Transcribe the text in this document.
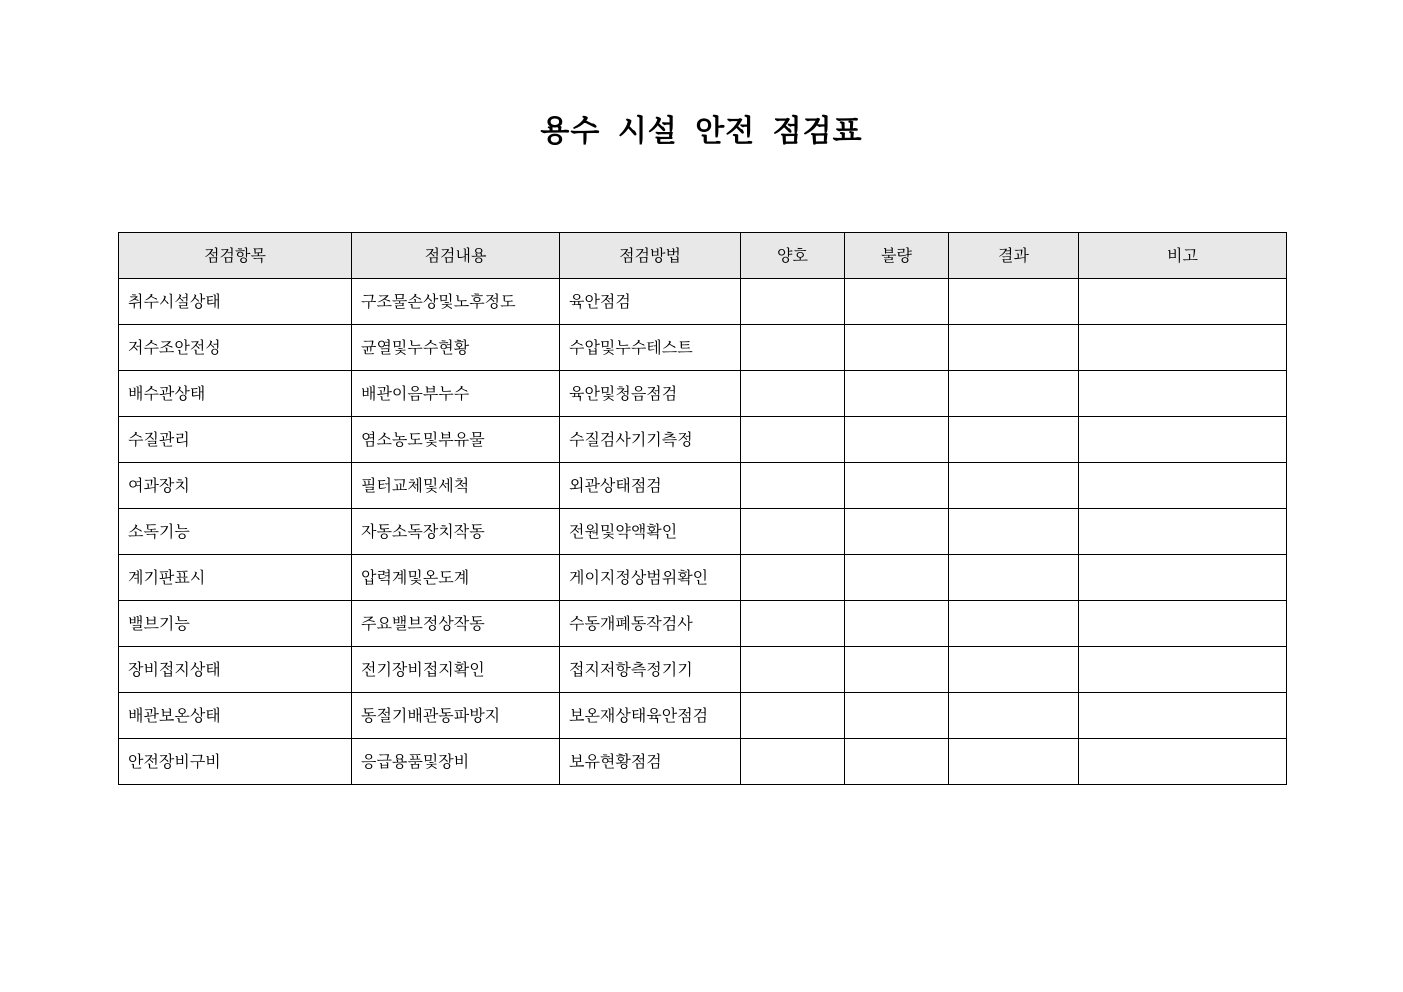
용수 시설 안전 점검표
점검항목	점검내용	점검방법	양호	불량	결과	비고
취수시설상태	구조물손상및노후정도	육안점검				
저수조안전성	균열및누수현황	수압및누수테스트				
배수관상태	배관이음부누수	육안및청음점검				
수질관리	염소농도및부유물	수질검사기기측정				
여과장치	필터교체및세척	외관상태점검				
소독기능	자동소독장치작동	전원및약액확인				
계기판표시	압력계및온도계	게이지정상범위확인				
밸브기능	주요밸브정상작동	수동개폐동작검사				
장비접지상태	전기장비접지확인	접지저항측정기기				
배관보온상태	동절기배관동파방지	보온재상태육안점검				
안전장비구비	응급용품및장비	보유현황점검				
